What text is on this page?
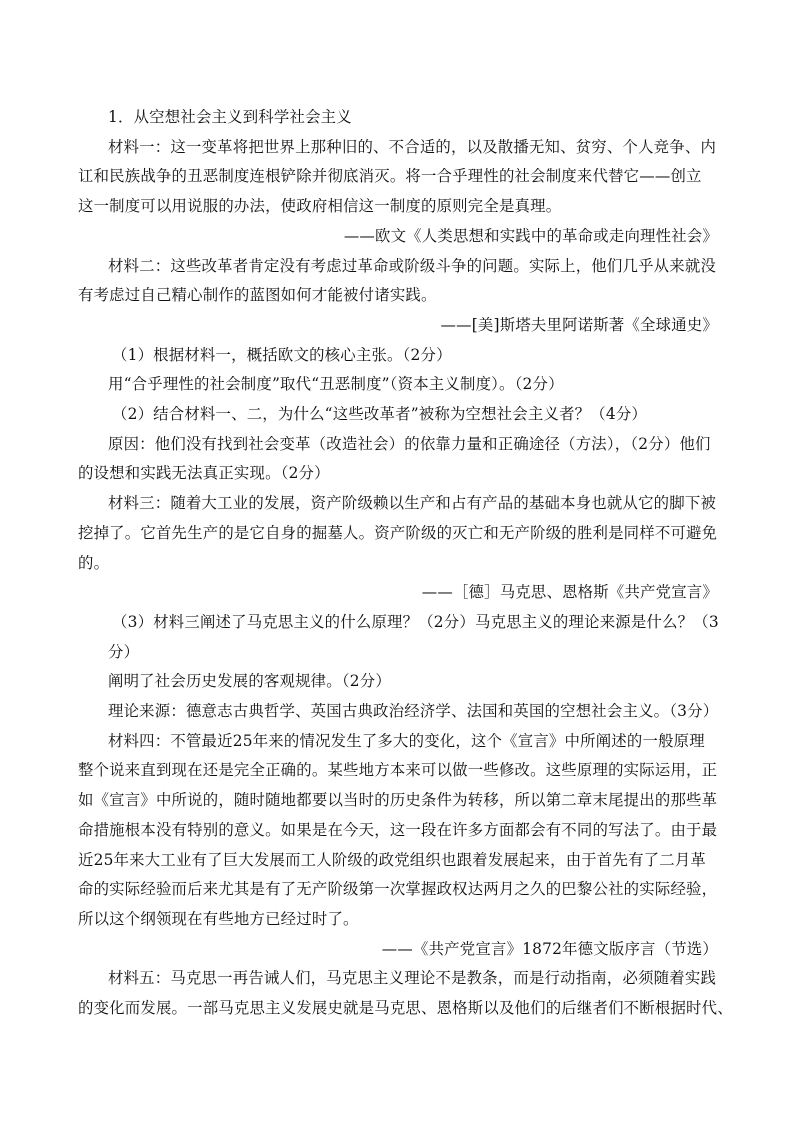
1．从空想社会主义到科学社会主义
材料一：这一变革将把世界上那种旧的、不合适的，以及散播无知、贫穷、个人竞争、内
讧和民族战争的丑恶制度连根铲除并彻底消灭。将一合乎理性的社会制度来代替它——创立
这一制度可以用说服的办法，使政府相信这一制度的原则完全是真理。
——欧文《人类思想和实践中的革命或走向理性社会》
材料二：这些改革者肯定没有考虑过革命或阶级斗争的问题。实际上，他们几乎从来就没
有考虑过自己精心制作的蓝图如何才能被付诸实践。
——[美]斯塔夫里阿诺斯著《全球通史》
（1）根据材料一，概括欧文的核心主张。（2分）
用“合乎理性的社会制度”取代“丑恶制度”（资本主义制度）。（2分）
（2）结合材料一、二，为什么“这些改革者”被称为空想社会主义者？（4分）
原因：他们没有找到社会变革（改造社会）的依靠力量和正确途径（方法），（2分）他们
的设想和实践无法真正实现。（2分）
材料三：随着大工业的发展，资产阶级赖以生产和占有产品的基础本身也就从它的脚下被
挖掉了。它首先生产的是它自身的掘墓人。资产阶级的灭亡和无产阶级的胜利是同样不可避免
的。
——［德］马克思、恩格斯《共产党宣言》
（3）材料三阐述了马克思主义的什么原理？（2分）马克思主义的理论来源是什么？（3
分）
阐明了社会历史发展的客观规律。（2分）
理论来源：德意志古典哲学、英国古典政治经济学、法国和英国的空想社会主义。（3分）
材料四：不管最近25年来的情况发生了多大的变化，这个《宣言》中所阐述的一般原理
整个说来直到现在还是完全正确的。某些地方本来可以做一些修改。这些原理的实际运用，正
如《宣言》中所说的，随时随地都要以当时的历史条件为转移，所以第二章末尾提出的那些革
命措施根本没有特别的意义。如果是在今天，这一段在许多方面都会有不同的写法了。由于最
近25年来大工业有了巨大发展而工人阶级的政党组织也跟着发展起来，由于首先有了二月革
命的实际经验而后来尤其是有了无产阶级第一次掌握政权达两月之久的巴黎公社的实际经验，
所以这个纲领现在有些地方已经过时了。
——《共产党宣言》1872年德文版序言（节选）
材料五：马克思一再告诫人们，马克思主义理论不是教条，而是行动指南，必须随着实践
的变化而发展。一部马克思主义发展史就是马克思、恩格斯以及他们的后继者们不断根据时代、
